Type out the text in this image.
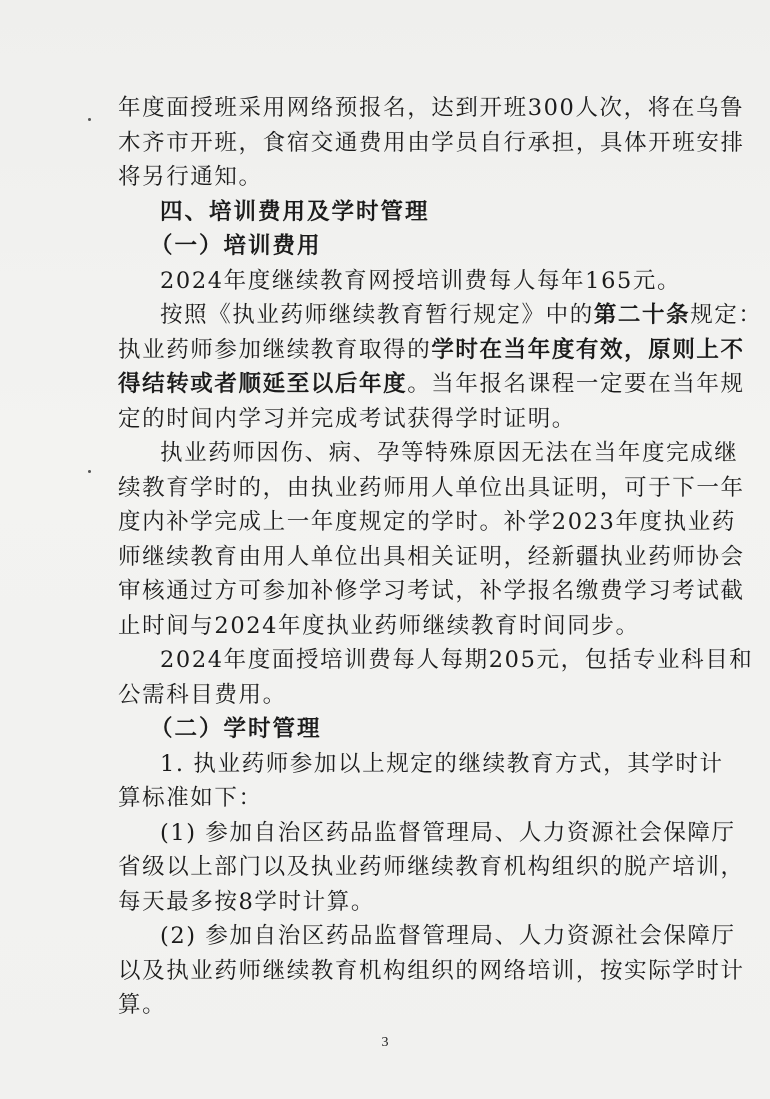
年度面授班采用网络预报名，达到开班300人次，将在乌鲁
木齐市开班，食宿交通费用由学员自行承担，具体开班安排
将另行通知。
四、培训费用及学时管理
（一）培训费用
2024年度继续教育网授培训费每人每年165元。
按照《执业药师继续教育暂行规定》中的第二十条规定：
执业药师参加继续教育取得的学时在当年度有效，原则上不
得结转或者顺延至以后年度。当年报名课程一定要在当年规
定的时间内学习并完成考试获得学时证明。
执业药师因伤、病、孕等特殊原因无法在当年度完成继
续教育学时的，由执业药师用人单位出具证明，可于下一年
度内补学完成上一年度规定的学时。补学2023年度执业药
师继续教育由用人单位出具相关证明，经新疆执业药师协会
审核通过方可参加补修学习考试，补学报名缴费学习考试截
止时间与2024年度执业药师继续教育时间同步。
2024年度面授培训费每人每期205元，包括专业科目和
公需科目费用。
（二）学时管理
1. 执业药师参加以上规定的继续教育方式，其学时计
算标准如下：
(1) 参加自治区药品监督管理局、人力资源社会保障厅
省级以上部门以及执业药师继续教育机构组织的脱产培训，
每天最多按8学时计算。
(2) 参加自治区药品监督管理局、人力资源社会保障厅
以及执业药师继续教育机构组织的网络培训，按实际学时计
算。
3
